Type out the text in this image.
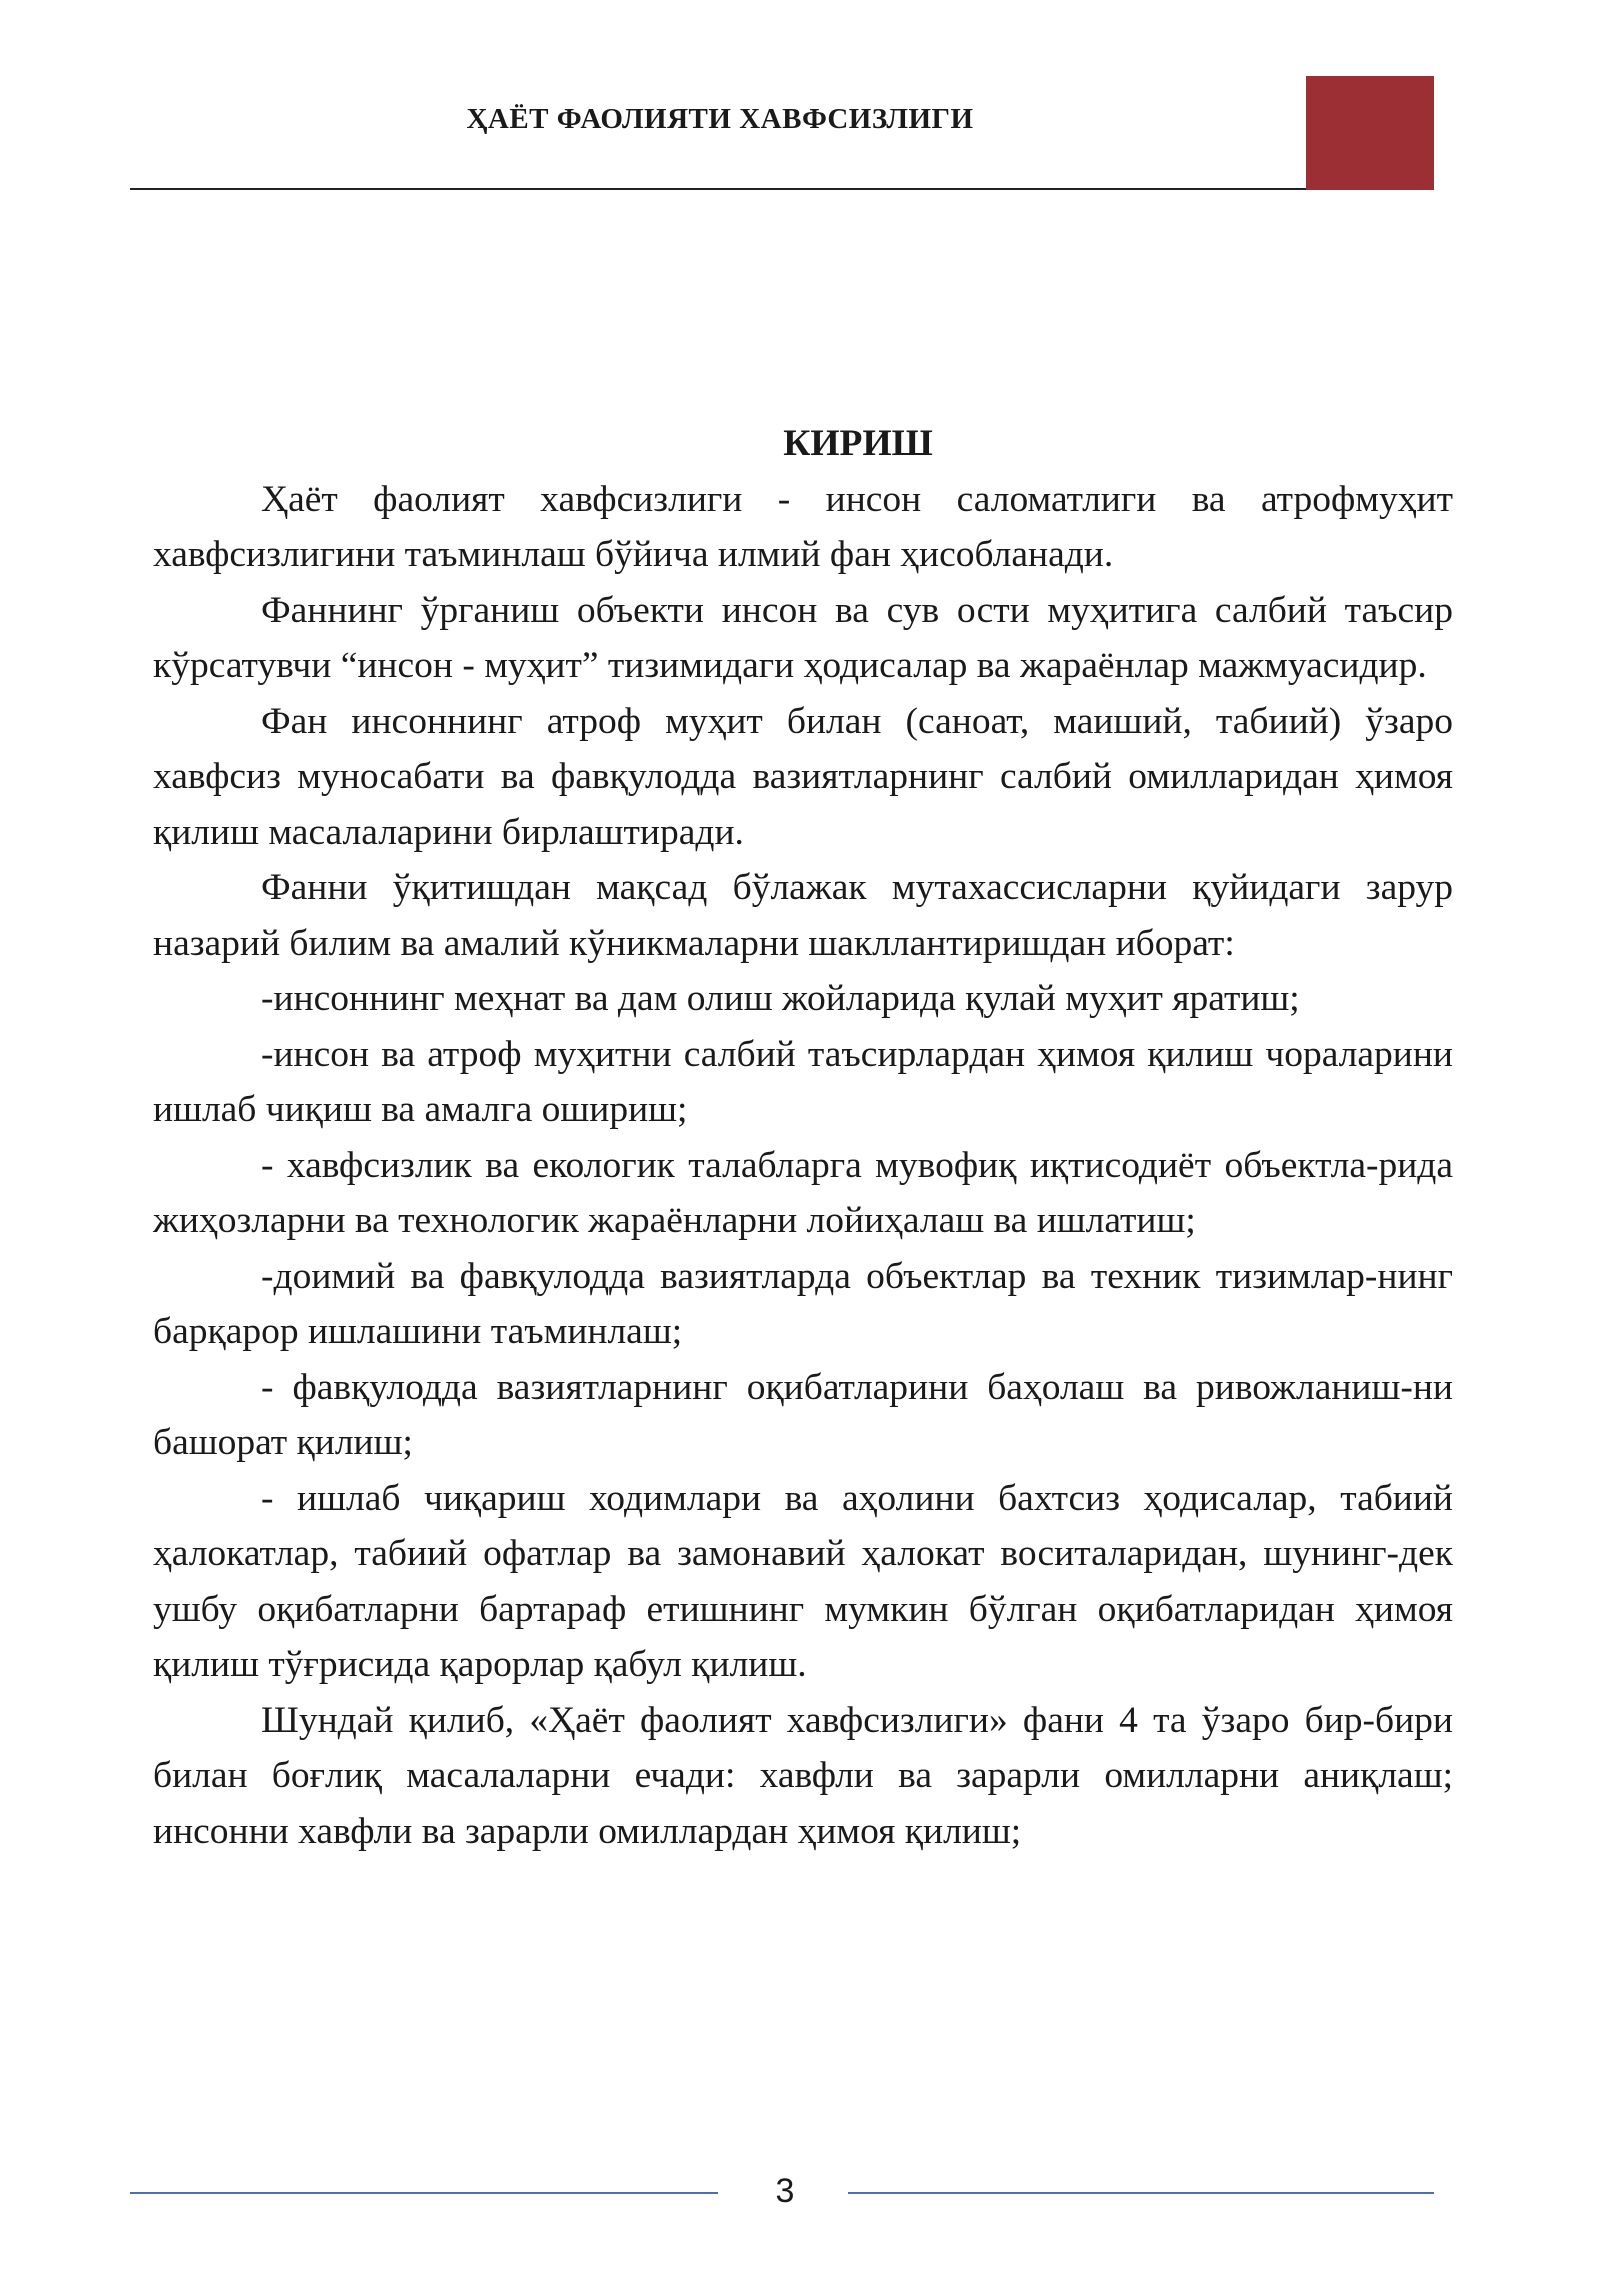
ҲАЁТ ФАОЛИЯТИ ХАВФСИЗЛИГИ
КИРИШ
Ҳаёт фаолият хавфсизлиги - инсон саломатлиги ва атрофмуҳит хавфсизлигини таъминлаш бўйича илмий фан ҳисобланади.
Фаннинг ўрганиш объекти инсон ва сув ости муҳитига салбий таъсир кўрсатувчи “инсон - муҳит” тизимидаги ҳодисалар ва жараёнлар мажмуасидир.
Фан инсоннинг атроф муҳит билан (саноат, маиший, табиий) ўзаро хавфсиз муносабати ва фавқулодда вазиятларнинг салбий омилларидан ҳимоя қилиш масалаларини бирлаштиради.
Фанни ўқитишдан мақсад бўлажак мутахассисларни қуйидаги зарур назарий билим ва амалий кўникмаларни шакллантиришдан иборат:
-инсоннинг меҳнат ва дам олиш жойларида қулай муҳит яратиш;
-инсон ва атроф муҳитни салбий таъсирлардан ҳимоя қилиш чораларини ишлаб чиқиш ва амалга ошириш;
- хавфсизлик ва екологик талабларга мувофиқ иқтисодиёт объектла-рида жиҳозларни ва технологик жараёнларни лойиҳалаш ва ишлатиш;
-доимий ва фавқулодда вазиятларда объектлар ва техник тизимлар-нинг барқарор ишлашини таъминлаш;
- фавқулодда вазиятларнинг оқибатларини баҳолаш ва ривожланиш-ни башорат қилиш;
- ишлаб чиқариш ходимлари ва аҳолини бахтсиз ҳодисалар, табиий ҳалокатлар, табиий офатлар ва замонавий ҳалокат воситаларидан, шунинг-дек ушбу оқибатларни бартараф етишнинг мумкин бўлган оқибатларидан ҳимоя қилиш тўғрисида қарорлар қабул қилиш.
Шундай қилиб, «Ҳаёт фаолият хавфсизлиги» фани 4 та ўзаро бир-бири билан боғлиқ масалаларни ечади: хавфли ва зарарли омилларни аниқлаш; инсонни хавфли ва зарарли омиллардан ҳимоя қилиш;
3
